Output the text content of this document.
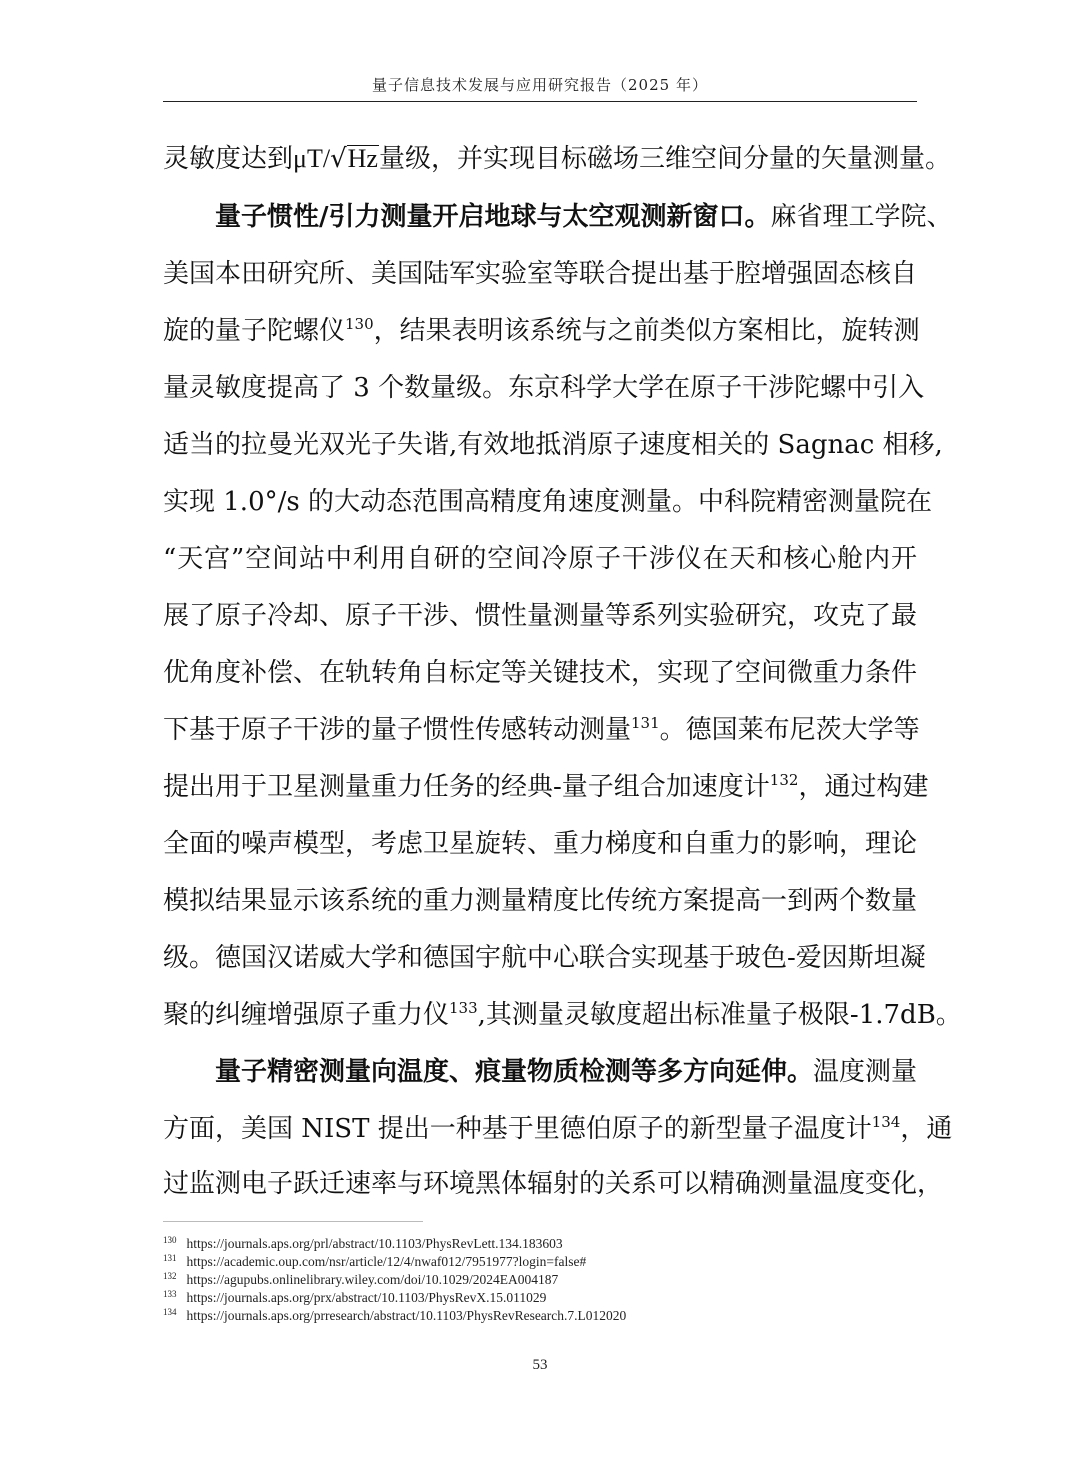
量子信息技术发展与应用研究报告（2025 年）
灵敏度达到μT/√Hz量级，并实现目标磁场三维空间分量的矢量测量。
量子惯性/引力测量开启地球与太空观测新窗口。麻省理工学院、
美国本田研究所、美国陆军实验室等联合提出基于腔增强固态核自
旋的量子陀螺仪$^{130}$，结果表明该系统与之前类似方案相比，旋转测
量灵敏度提高了 3 个数量级。东京科学大学在原子干涉陀螺中引入
适当的拉曼光双光子失谐,有效地抵消原子速度相关的 Sagnac 相移,
实现 1.0°/s 的大动态范围高精度角速度测量。中科院精密测量院在
“天宫”空间站中利用自研的空间冷原子干涉仪在天和核心舱内开
展了原子冷却、原子干涉、惯性量测量等系列实验研究，攻克了最
优角度补偿、在轨转角自标定等关键技术，实现了空间微重力条件
下基于原子干涉的量子惯性传感转动测量$^{131}$。德国莱布尼茨大学等
提出用于卫星测量重力任务的经典-量子组合加速度计$^{132}$，通过构建
全面的噪声模型，考虑卫星旋转、重力梯度和自重力的影响，理论
模拟结果显示该系统的重力测量精度比传统方案提高一到两个数量
级。德国汉诺威大学和德国宇航中心联合实现基于玻色-爱因斯坦凝
聚的纠缠增强原子重力仪$^{133}$,其测量灵敏度超出标准量子极限-1.7dB。
量子精密测量向温度、痕量物质检测等多方向延伸。温度测量
方面，美国 NIST 提出一种基于里德伯原子的新型量子温度计$^{134}$，通
过监测电子跃迁速率与环境黑体辐射的关系可以精确测量温度变化，
$^{130}$ https://journals.aps.org/prl/abstract/10.1103/PhysRevLett.134.183603
$^{131}$ https://academic.oup.com/nsr/article/12/4/nwaf012/7951977?login=false#
$^{132}$ https://agupubs.onlinelibrary.wiley.com/doi/10.1029/2024EA004187
$^{133}$ https://journals.aps.org/prx/abstract/10.1103/PhysRevX.15.011029
$^{134}$ https://journals.aps.org/prresearch/abstract/10.1103/PhysRevResearch.7.L012020
53
